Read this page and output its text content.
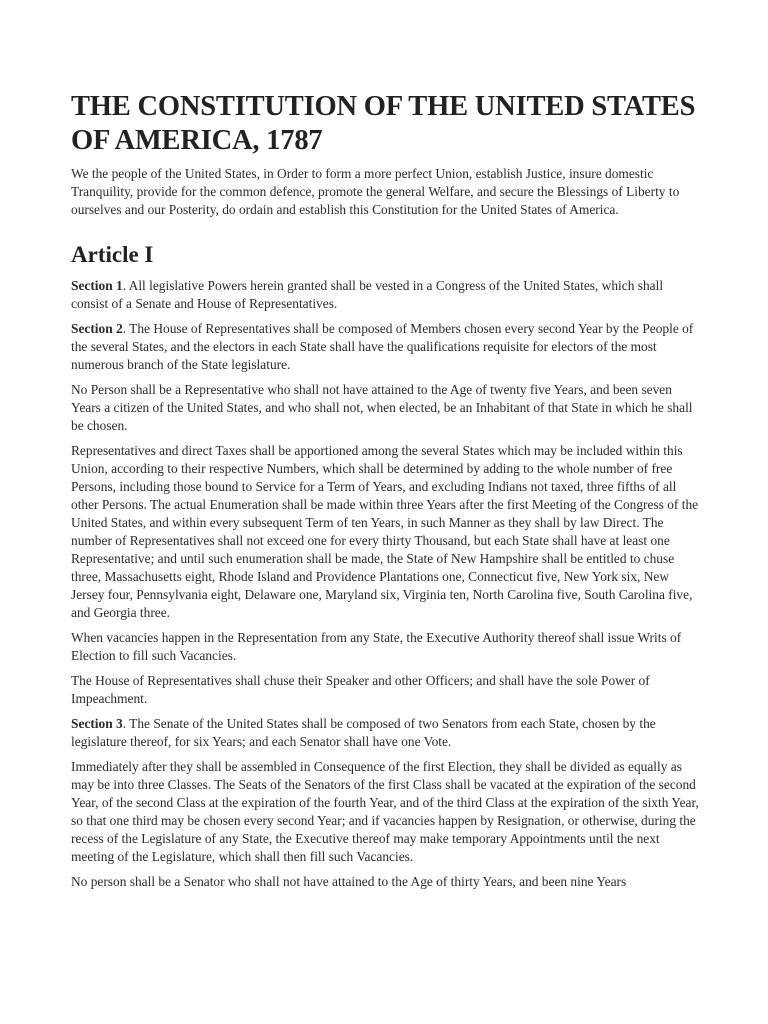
THE CONSTITUTION OF THE UNITED STATES OF AMERICA, 1787

We the people of the United States, in Order to form a more perfect Union, establish Justice, insure domestic Tranquility, provide for the common defence, promote the general Welfare, and secure the Blessings of Liberty to ourselves and our Posterity, do ordain and establish this Constitution for the United States of America.

Article I

Section 1. All legislative Powers herein granted shall be vested in a Congress of the United States, which shall consist of a Senate and House of Representatives.

Section 2. The House of Representatives shall be composed of Members chosen every second Year by the People of the several States, and the electors in each State shall have the qualifications requisite for electors of the most numerous branch of the State legislature.

No Person shall be a Representative who shall not have attained to the Age of twenty five Years, and been seven Years a citizen of the United States, and who shall not, when elected, be an Inhabitant of that State in which he shall be chosen.

Representatives and direct Taxes shall be apportioned among the several States which may be included within this Union, according to their respective Numbers, which shall be determined by adding to the whole number of free Persons, including those bound to Service for a Term of Years, and excluding Indians not taxed, three fifths of all other Persons. The actual Enumeration shall be made within three Years after the first Meeting of the Congress of the United States, and within every subsequent Term of ten Years, in such Manner as they shall by law Direct. The number of Representatives shall not exceed one for every thirty Thousand, but each State shall have at least one Representative; and until such enumeration shall be made, the State of New Hampshire shall be entitled to chuse three, Massachusetts eight, Rhode Island and Providence Plantations one, Connecticut five, New York six, New Jersey four, Pennsylvania eight, Delaware one, Maryland six, Virginia ten, North Carolina five, South Carolina five, and Georgia three.

When vacancies happen in the Representation from any State, the Executive Authority thereof shall issue Writs of Election to fill such Vacancies.

The House of Representatives shall chuse their Speaker and other Officers; and shall have the sole Power of Impeachment.

Section 3. The Senate of the United States shall be composed of two Senators from each State, chosen by the legislature thereof, for six Years; and each Senator shall have one Vote.

Immediately after they shall be assembled in Consequence of the first Election, they shall be divided as equally as may be into three Classes. The Seats of the Senators of the first Class shall be vacated at the expiration of the second Year, of the second Class at the expiration of the fourth Year, and of the third Class at the expiration of the sixth Year, so that one third may be chosen every second Year; and if vacancies happen by Resignation, or otherwise, during the recess of the Legislature of any State, the Executive thereof may make temporary Appointments until the next meeting of the Legislature, which shall then fill such Vacancies.

No person shall be a Senator who shall not have attained to the Age of thirty Years, and been nine Years
